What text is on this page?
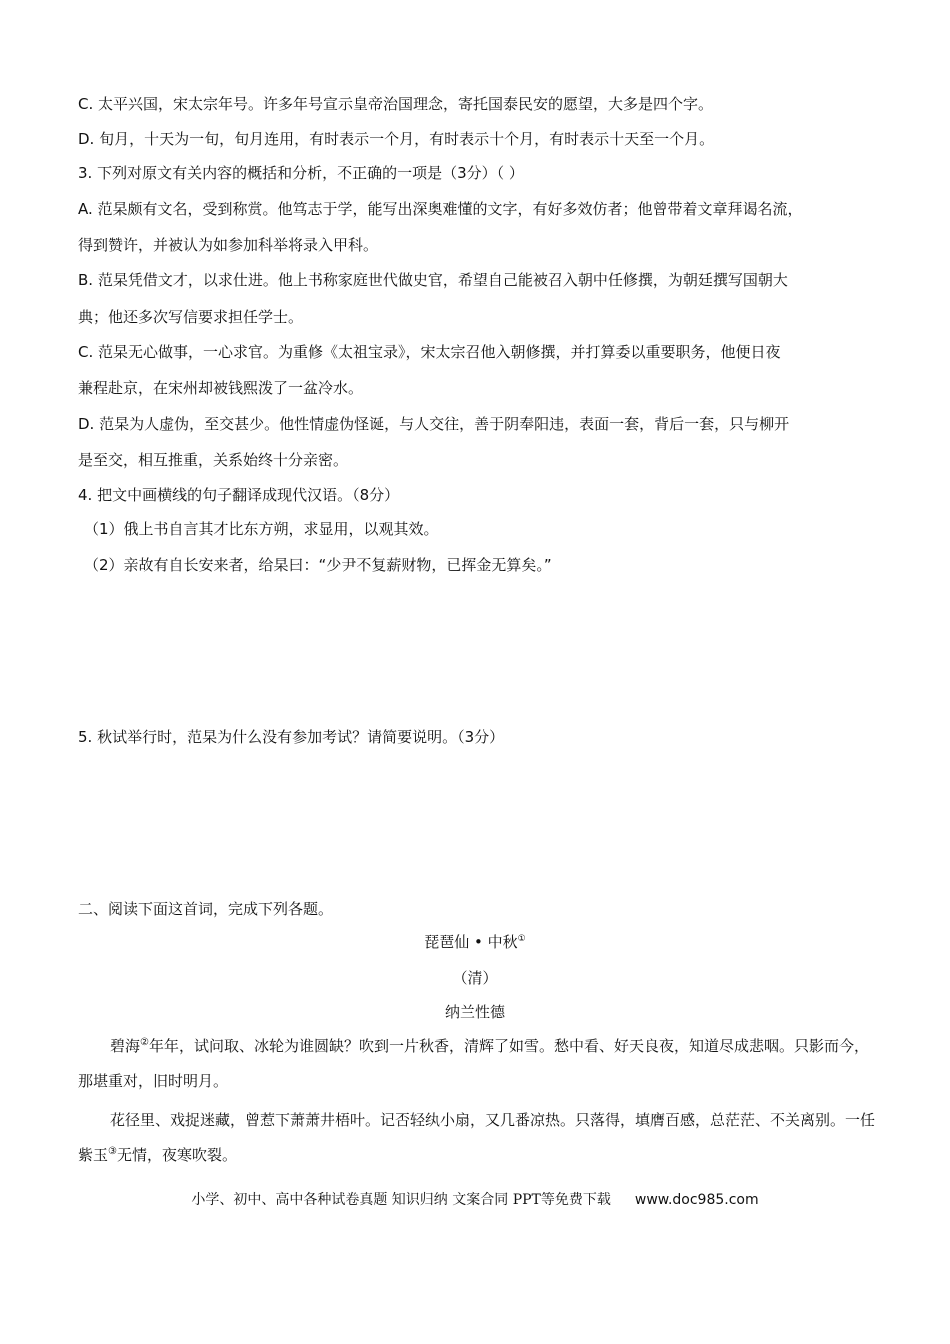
C. 太平兴国，宋太宗年号。许多年号宣示皇帝治国理念，寄托国泰民安的愿望，大多是四个字。
D. 旬月，十天为一旬，旬月连用，有时表示一个月，有时表示十个月，有时表示十天至一个月。
3. 下列对原文有关内容的概括和分析，不正确的一项是（3分）（ ）
A. 范杲颇有文名，受到称赏。他笃志于学，能写出深奥难懂的文字，有好多效仿者；他曾带着文章拜谒名流，
得到赞许，并被认为如参加科举将录入甲科。
B. 范杲凭借文才，以求仕进。他上书称家庭世代做史官，希望自己能被召入朝中任修撰，为朝廷撰写国朝大
典；他还多次写信要求担任学士。
C. 范杲无心做事，一心求官。为重修《太祖宝录》，宋太宗召他入朝修撰，并打算委以重要职务，他便日夜
兼程赴京，在宋州却被钱熙泼了一盆冷水。
D. 范杲为人虚伪，至交甚少。他性情虚伪怪诞，与人交往，善于阴奉阳违，表面一套，背后一套，只与柳开
是至交，相互推重，关系始终十分亲密。
4. 把文中画横线的句子翻译成现代汉语。（8分）
（1）俄上书自言其才比东方朔，求显用，以观其效。
（2）亲故有自长安来者，给杲曰：“少尹不复薪财物，已挥金无算矣。”
5. 秋试举行时，范杲为什么没有参加考试？请简要说明。（3分）
二、阅读下面这首词，完成下列各题。
琵琶仙 • 中秋①
（清）
纳兰性德
碧海②年年，试问取、冰轮为谁圆缺？吹到一片秋香，清辉了如雪。愁中看、好天良夜，知道尽成悲咽。只影而今，那堪重对，旧时明月。
花径里、戏捉迷藏，曾惹下萧萧井梧叶。记否轻纨小扇，又几番凉热。只落得，填膺百感，总茫茫、不关离别。一任紫玉③无情，夜寒吹裂。
小学、初中、高中各种试卷真题 知识归纳 文案合同 PPT等免费下载 www.doc985.com
